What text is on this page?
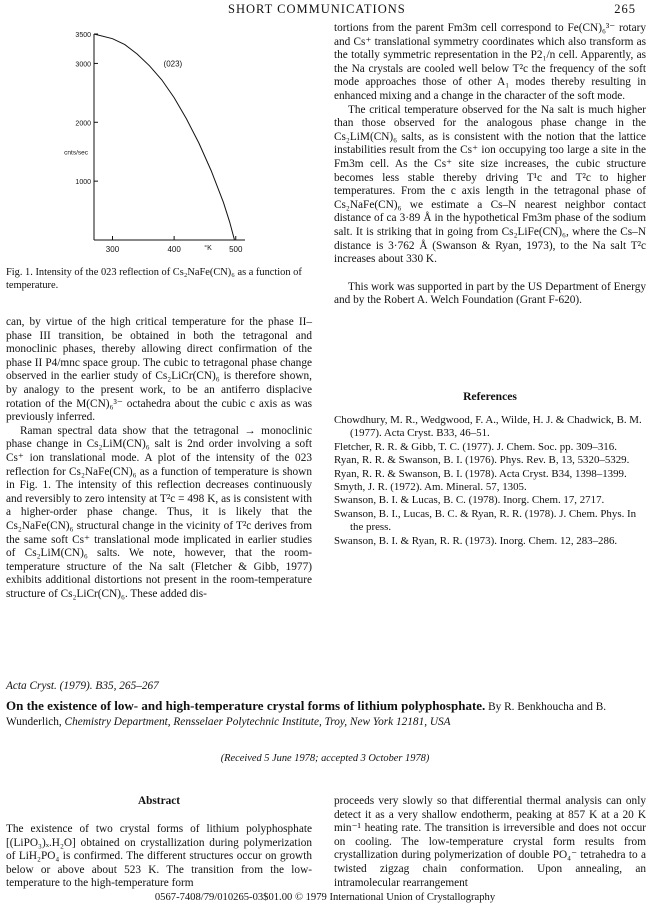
SHORT COMMUNICATIONS	265
300	400	500
1000
2000
3000
3500
°K
cnts/sec
(023)
Fig. 1. Intensity of the 023 reflection of Cs₂NaFe(CN)₆ as a function of temperature.

can, by virtue of the high critical temperature for the phase II–phase III transition, be obtained in both the tetragonal and monoclinic phases, thereby allowing direct confirmation of the phase II P4/mnc space group. The cubic to tetragonal phase change observed in the earlier study of Cs₂LiCr(CN)₆ is therefore shown, by analogy to the present work, to be an antiferro displacive rotation of the M(CN)₆³⁻ octahedra about the cubic c axis as was previously inferred.

Raman spectral data show that the tetragonal → monoclinic phase change in Cs₂LiM(CN)₆ salt is 2nd order involving a soft Cs⁺ ion translational mode. A plot of the intensity of the 023 reflection for Cs₂NaFe(CN)₆ as a function of temperature is shown in Fig. 1. The intensity of this reflection decreases continuously and reversibly to zero intensity at T²c = 498 K, as is consistent with a higher-order phase change. Thus, it is likely that the Cs₂NaFe(CN)₆ structural change in the vicinity of T²c derives from the same soft Cs⁺ translational mode implicated in earlier studies of Cs₂LiM(CN)₆ salts. We note, however, that the room-temperature structure of the Na salt (Fletcher & Gibb, 1977) exhibits additional distortions not present in the room-temperature structure of Cs₂LiCr(CN)₆. These added dis-

tortions from the parent Fm3m cell correspond to Fe(CN)₆³⁻ rotary and Cs⁺ translational symmetry coordinates which also transform as the totally symmetric representation in the P2₁/n cell. Apparently, as the Na crystals are cooled well below T²c the frequency of the soft mode approaches those of other A₁ modes thereby resulting in enhanced mixing and a change in the character of the soft mode.

The critical temperature observed for the Na salt is much higher than those observed for the analogous phase change in the Cs₂LiM(CN)₆ salts, as is consistent with the notion that the lattice instabilities result from the Cs⁺ ion occupying too large a site in the Fm3m cell. As the Cs⁺ site size increases, the cubic structure becomes less stable thereby driving T¹c and T²c to higher temperatures. From the c axis length in the tetragonal phase of Cs₂NaFe(CN)₆ we estimate a Cs–N nearest neighbor contact distance of ca 3·89 Å in the hypothetical Fm3m phase of the sodium salt. It is striking that in going from Cs₂LiFe(CN)₆, where the Cs–N distance is 3·762 Å (Swanson & Ryan, 1973), to the Na salt T²c increases about 330 K.

This work was supported in part by the US Department of Energy and by the Robert A. Welch Foundation (Grant F-620).

References

Chowdhury, M. R., Wedgwood, F. A., Wilde, H. J. & Chadwick, B. M. (1977). Acta Cryst. B33, 46–51.

Fletcher, R. R. & Gibb, T. C. (1977). J. Chem. Soc. pp. 309–316.

Ryan, R. R. & Swanson, B. I. (1976). Phys. Rev. B, 13, 5320–5329.

Ryan, R. R. & Swanson, B. I. (1978). Acta Cryst. B34, 1398–1399.

Smyth, J. R. (1972). Am. Mineral. 57, 1305.

Swanson, B. I. & Lucas, B. C. (1978). Inorg. Chem. 17, 2717.

Swanson, B. I., Lucas, B. C. & Ryan, R. R. (1978). J. Chem. Phys. In the press.

Swanson, B. I. & Ryan, R. R. (1973). Inorg. Chem. 12, 283–286.

Acta Cryst. (1979). B35, 265–267
On the existence of low- and high-temperature crystal forms of lithium polyphosphate. By R. Benkhoucha and B. Wunderlich, Chemistry Department, Rensselaer Polytechnic Institute, Troy, New York 12181, USA
(Received 5 June 1978; accepted 3 October 1978)
Abstract
The existence of two crystal forms of lithium polyphosphate [(LiPO₃)ₓ.H₂O] obtained on crystallization during polymerization of LiH₂PO₄ is confirmed. The different structures occur on growth below or above about 523 K. The transition from the low-temperature to the high-temperature form
proceeds very slowly so that differential thermal analysis can only detect it as a very shallow endotherm, peaking at 857 K at a 20 K min⁻¹ heating rate. The transition is irreversible and does not occur on cooling. The low-temperature crystal form results from crystallization during polymerization of double PO₄⁻ tetrahedra to a twisted zigzag chain conformation. Upon annealing, an intramolecular rearrangement
0567-7408/79/010265-03$01.00 © 1979 International Union of Crystallography
